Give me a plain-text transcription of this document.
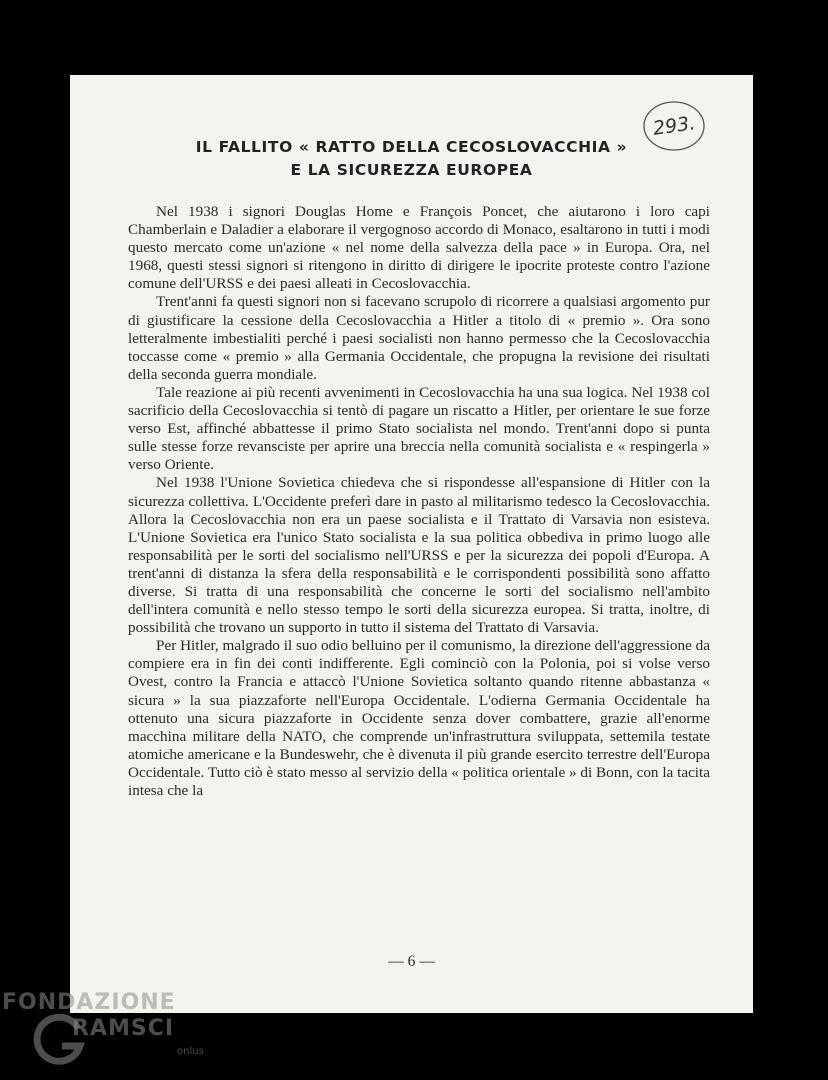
293.
IL FALLITO « RATTO DELLA CECOSLOVACCHIA »
E LA SICUREZZA EUROPEA

Nel 1938 i signori Douglas Home e François Poncet, che aiutarono i loro capi Chamberlain e Daladier a elaborare il vergognoso accordo di Monaco, esaltarono in tutti i modi questo mercato come un'azione « nel nome della salvezza della pace » in Europa. Ora, nel 1968, questi stessi signori si ritengono in diritto di dirigere le ipocrite proteste contro l'azione comune dell'URSS e dei paesi alleati in Cecoslovacchia.

Trent'anni fa questi signori non si facevano scrupolo di ricorrere a qualsiasi argomento pur di giustificare la cessione della Cecoslovacchia a Hitler a titolo di « premio ». Ora sono letteralmente imbestialiti perché i paesi socialisti non hanno permesso che la Cecoslovacchia toccasse come « premio » alla Germania Occidentale, che propugna la revisione dei risultati della seconda guerra mondiale.

Tale reazione ai più recenti avvenimenti in Cecoslovacchia ha una sua logica. Nel 1938 col sacrificio della Cecoslovacchia si tentò di pagare un riscatto a Hitler, per orientare le sue forze verso Est, affinché abbattesse il primo Stato socialista nel mondo. Trent'anni dopo si punta sulle stesse forze revansciste per aprire una breccia nella comunità socialista e « respingerla » verso Oriente.

Nel 1938 l'Unione Sovietica chiedeva che si rispondesse all'espansione di Hitler con la sicurezza collettiva. L'Occidente preferì dare in pasto al militarismo tedesco la Cecoslovacchia. Allora la Cecoslovacchia non era un paese socialista e il Trattato di Varsavia non esisteva. L'Unione Sovietica era l'unico Stato socialista e la sua politica obbediva in primo luogo alle responsabilità per le sorti del socialismo nell'URSS e per la sicurezza dei popoli d'Europa. A trent'anni di distanza la sfera della responsabilità e le corrispondenti possibilità sono affatto diverse. Si tratta di una responsabilità che concerne le sorti del socialismo nell'ambito dell'intera comunità e nello stesso tempo le sorti della sicurezza europea. Si tratta, inoltre, di possibilità che trovano un supporto in tutto il sistema del Trattato di Varsavia.

Per Hitler, malgrado il suo odio belluino per il comunismo, la direzione dell'aggressione da compiere era in fin dei conti indifferente. Egli cominciò con la Polonia, poi si volse verso Ovest, contro la Francia e attaccò l'Unione Sovietica soltanto quando ritenne abbastanza « sicura » la sua piazzaforte nell'Europa Occidentale. L'odierna Germania Occidentale ha ottenuto una sicura piazzaforte in Occidente senza dover combattere, grazie all'enorme macchina militare della NATO, che comprende un'infrastruttura sviluppata, settemila testate atomiche americane e la Bundeswehr, che è divenuta il più grande esercito terrestre dell'Europa Occidentale. Tutto ciò è stato messo al servizio della « politica orientale » di Bonn, con la tacita intesa che la

— 6 —
FONDAZIONE
RAMSCI
onlus
